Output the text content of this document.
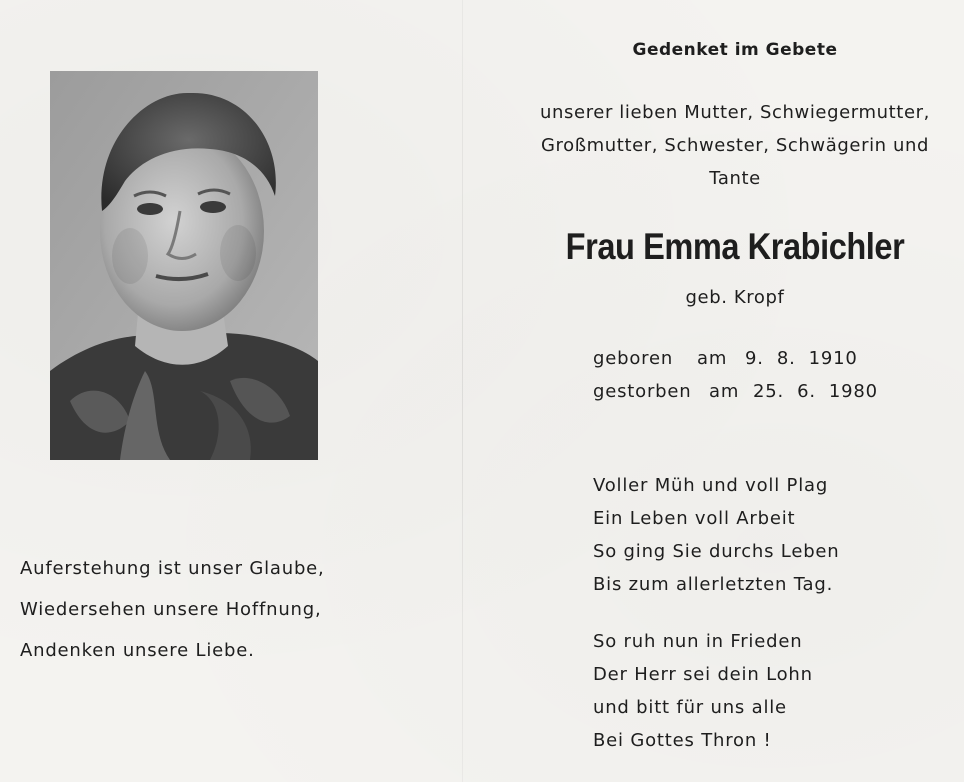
Auferstehung ist unser Glaube,
Wiedersehen unsere Hoffnung,
Andenken unsere Liebe.
Gedenket im Gebete
unserer lieben Mutter, Schwiegermutter,
Großmutter, Schwester, Schwägerin und
Tante
Frau Emma Krabichler
geb. Kropf
geboren	am 9.  8.  1910
gestorben am 25.  6.  1980
Voller Müh und voll Plag
Ein Leben voll Arbeit
So ging Sie durchs Leben
Bis zum allerletzten Tag.
So ruh nun in Frieden
Der Herr sei dein Lohn
und bitt für uns alle
Bei Gottes Thron !
